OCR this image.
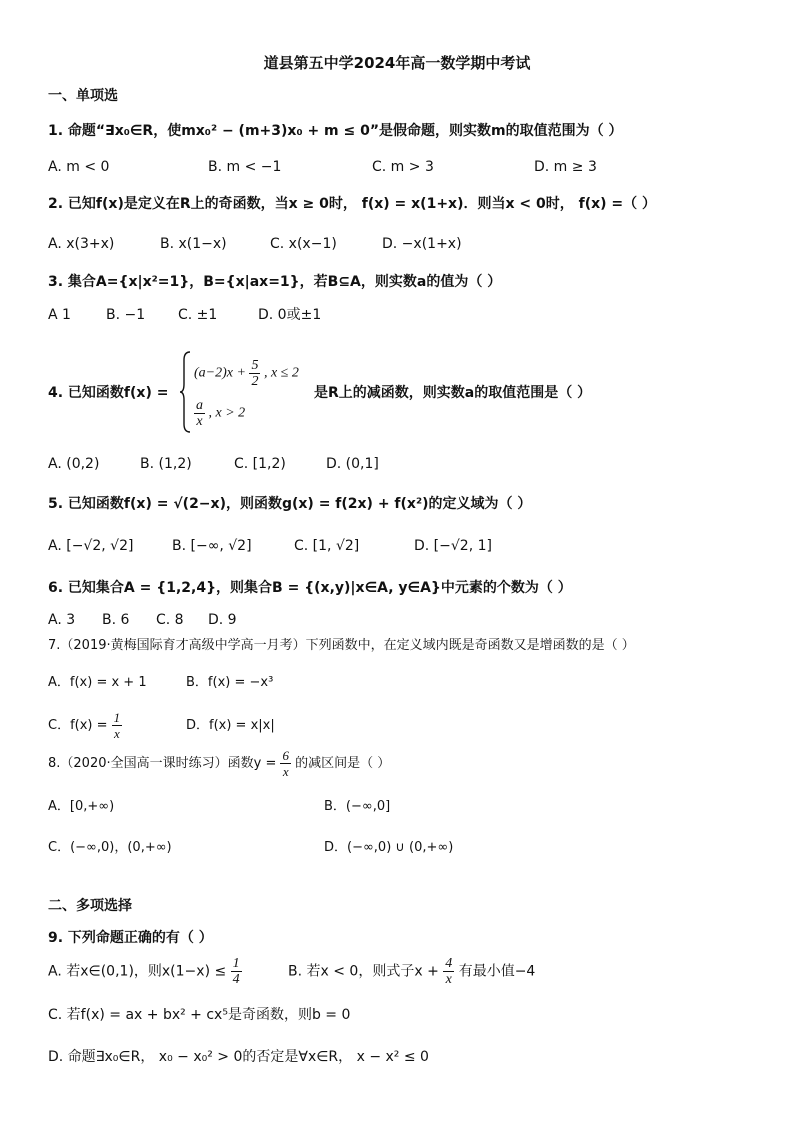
道县第五中学2024年高一数学期中考试
一、单项选
1. 命题“∃x₀∈R，使mx₀² − (m+3)x₀ + m ≤ 0”是假命题，则实数m的取值范围为（ ）
A. m < 0	B. m < −1	C. m > 3	D. m ≥ 3
2. 已知f(x)是定义在R上的奇函数，当x ≥ 0时， f(x) = x(1+x)．则当x < 0时， f(x) =（ ）
A. x(3+x)	B. x(1−x)	C. x(x−1)	D. −x(1+x)
3. 集合A={x|x²=1}，B={x|ax=1}，若B⊆A，则实数a的值为（ ）
A 1	B. −1 C. ±1	D. 0或±1
4. 已知函数f(x) =
$(a-2)x + \frac{5}{2}$ , x ≤ 2
$\frac{a}{x}$ , x > 2
是R上的减函数，则实数a的取值范围是（ ）
A. (0,2)	B. (1,2)	C. [1,2)	D. (0,1]
5. 已知函数f(x) = √(2−x)，则函数g(x) = f(2x) + f(x²)的定义域为（ ）
A. [−√2, √2]	B. [−∞, √2]	C. [1, √2]	D. [−√2, 1]
6. 已知集合A = {1,2,4}，则集合B = {(x,y)|x∈A, y∈A}中元素的个数为（ ）
A. 3 B. 6 C. 8 D. 9
7.（2019·黄梅国际育才高级中学高一月考）下列函数中，在定义域内既是奇函数又是增函数的是（ ）
A．f(x) = x + 1	B．f(x) = −x³
C．$f(x) = \frac{1}{x}$	D．f(x) = x|x|
8.（2020·全国高一课时练习）函数$y = \frac{6}{x}$ 的减区间是（ ）
A．[0,+∞)	B．(−∞,0]
C．(−∞,0)，(0,+∞)	D．(−∞,0) ∪ (0,+∞)
二、多项选择
9. 下列命题正确的有（ ）
A. 若x∈(0,1)，则$x(1-x) \le \frac{1}{4}$	B. 若x < 0，则式子$x + \frac{4}{x}$ 有最小值−4
C. 若f(x) = ax + bx² + cx⁵是奇函数，则b = 0
D. 命题∃x₀∈R， x₀ − x₀² > 0的否定是∀x∈R， x − x² ≤ 0
